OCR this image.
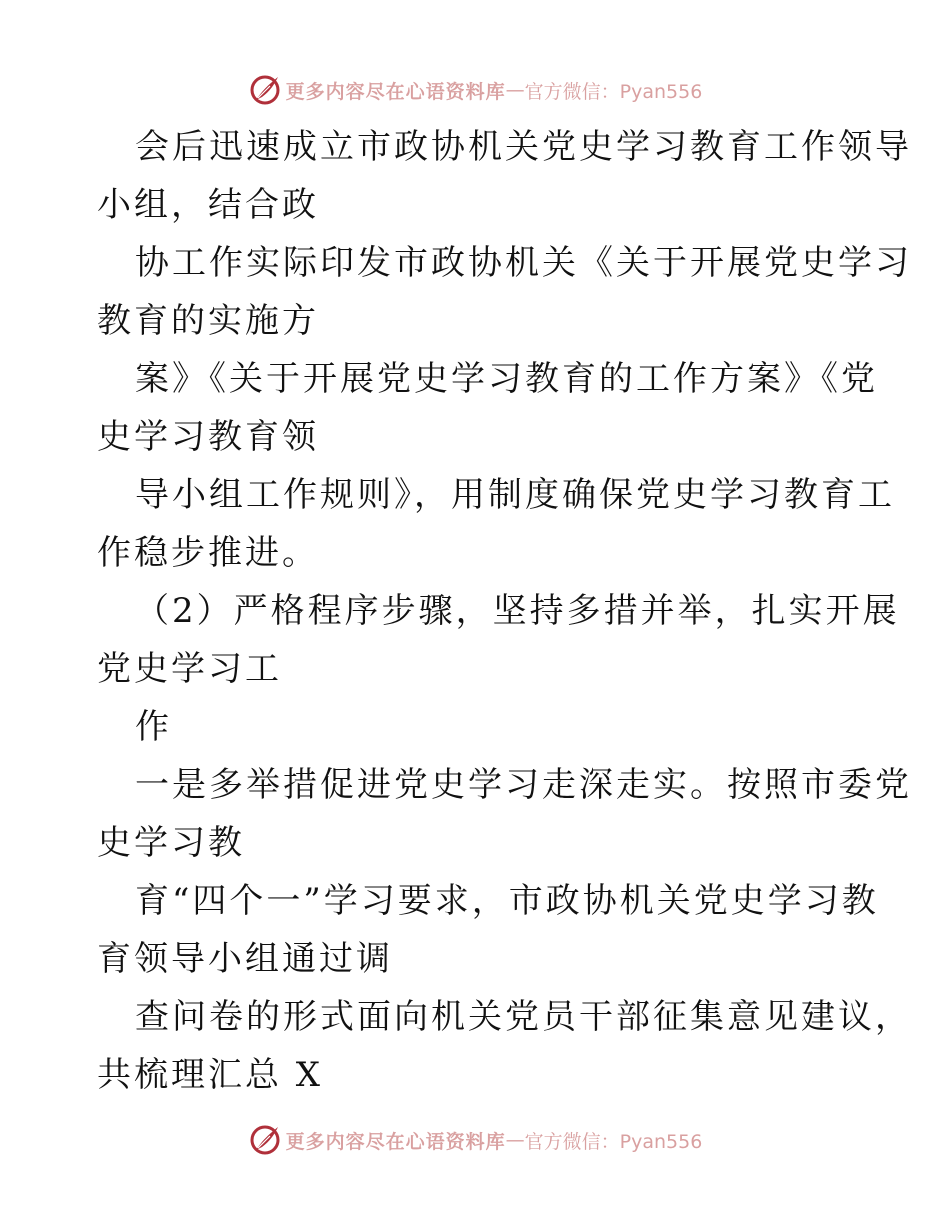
更多内容尽在心语资料库 — 官方微信：Pyan556
会后迅速成立市政协机关党史学习教育工作领导
小组，结合政
协工作实际印发市政协机关《关于开展党史学习
教育的实施方
案》《关于开展党史学习教育的工作方案》《党
史学习教育领
导小组工作规则》，用制度确保党史学习教育工
作稳步推进。
（2）严格程序步骤，坚持多措并举，扎实开展
党史学习工
作
一是多举措促进党史学习走深走实。按照市委党
史学习教
育“四个一”学习要求，市政协机关党史学习教
育领导小组通过调
查问卷的形式面向机关党员干部征集意见建议，
共梳理汇总 X
更多内容尽在心语资料库 — 官方微信：Pyan556
